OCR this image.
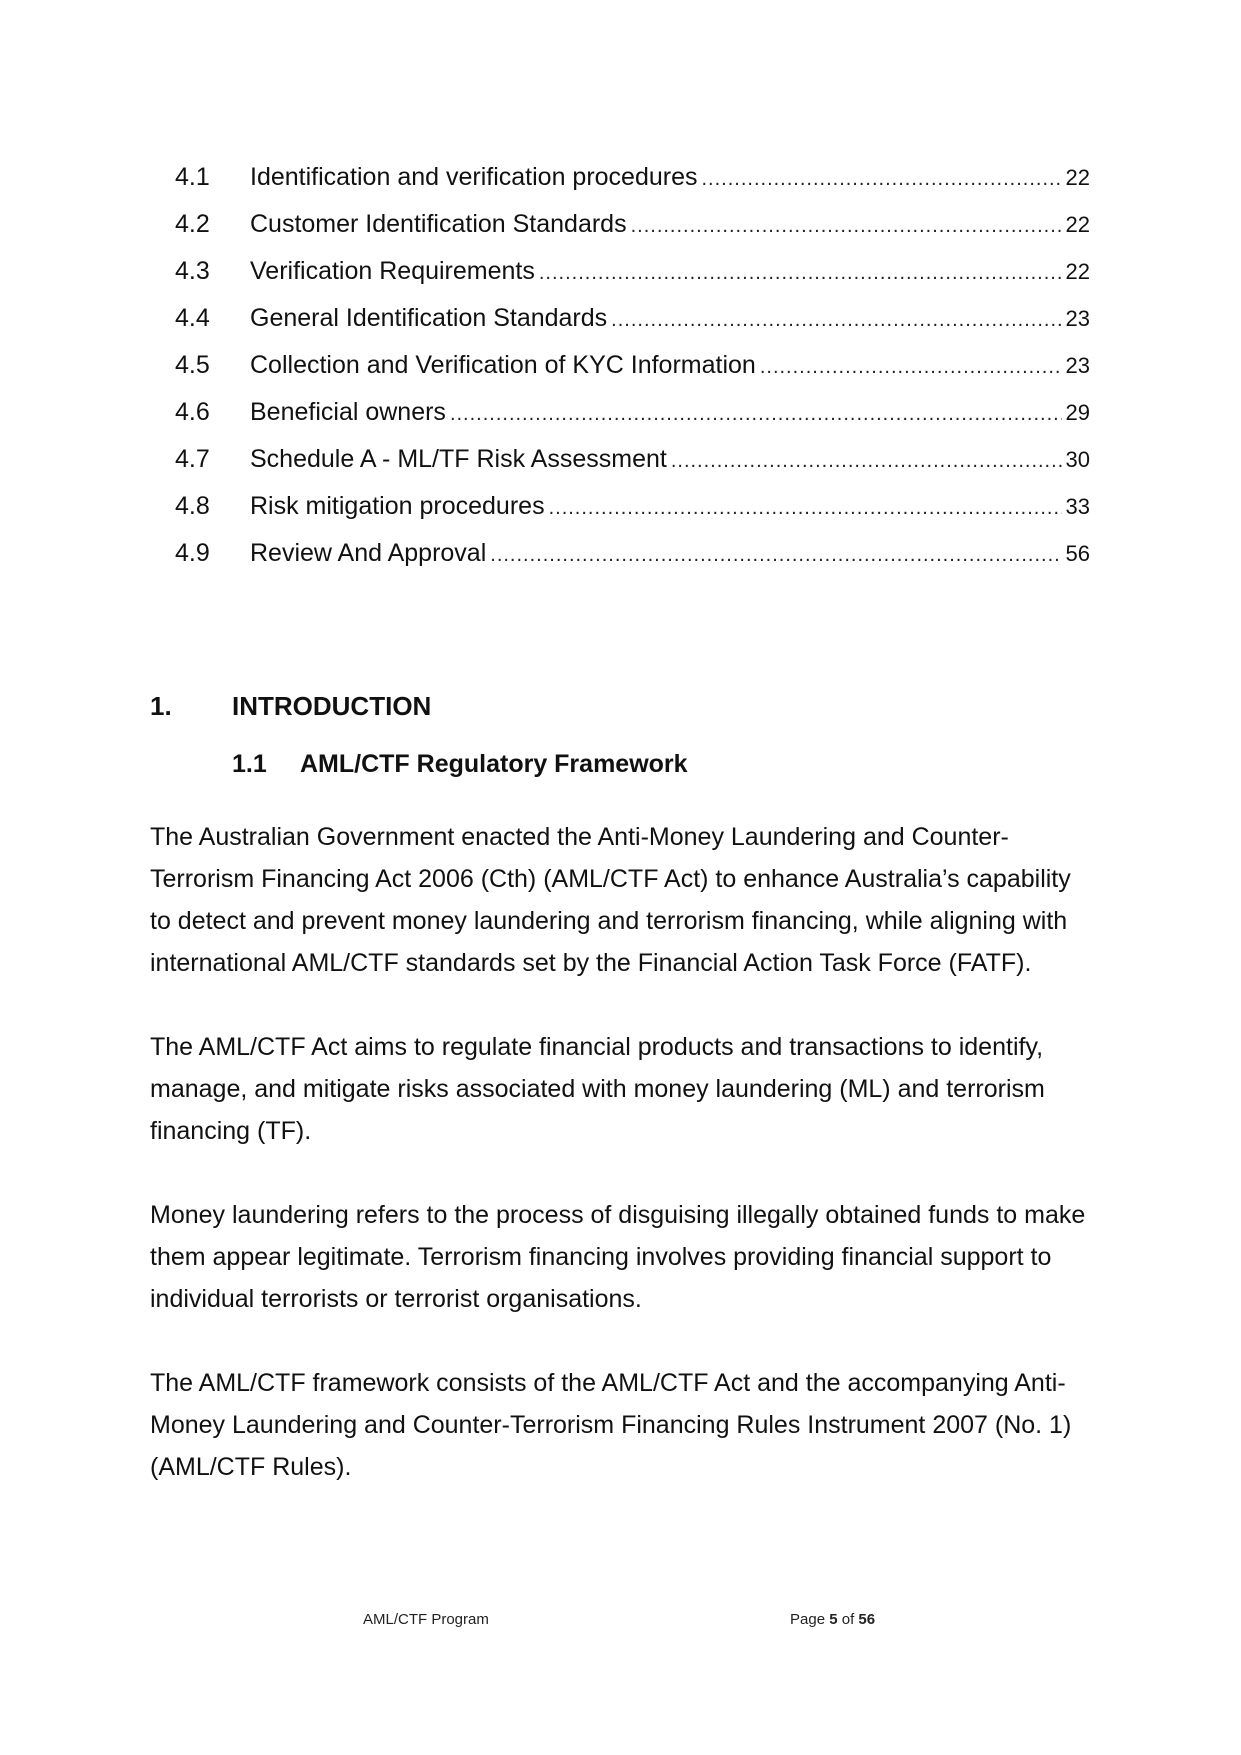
4.1	Identification and verification procedures .....	22
4.2	Customer Identification Standards .....	22
4.3	Verification Requirements .....	22
4.4	General Identification Standards .....	23
4.5	Collection and Verification of KYC Information .....	23
4.6	Beneficial owners .....	29
4.7	Schedule A - ML/TF Risk Assessment .....	30
4.8	Risk mitigation procedures .....	33
4.9	Review And Approval .....	56
1.	INTRODUCTION
1.1	AML/CTF Regulatory Framework

The Australian Government enacted the Anti-Money Laundering and Counter-Terrorism Financing Act 2006 (Cth) (AML/CTF Act) to enhance Australia’s capability to detect and prevent money laundering and terrorism financing, while aligning with international AML/CTF standards set by the Financial Action Task Force (FATF).

The AML/CTF Act aims to regulate financial products and transactions to identify, manage, and mitigate risks associated with money laundering (ML) and terrorism financing (TF).

Money laundering refers to the process of disguising illegally obtained funds to make them appear legitimate. Terrorism financing involves providing financial support to individual terrorists or terrorist organisations.

The AML/CTF framework consists of the AML/CTF Act and the accompanying Anti-Money Laundering and Counter-Terrorism Financing Rules Instrument 2007 (No. 1) (AML/CTF Rules).

AML/CTF Program	Page 5 of 56
